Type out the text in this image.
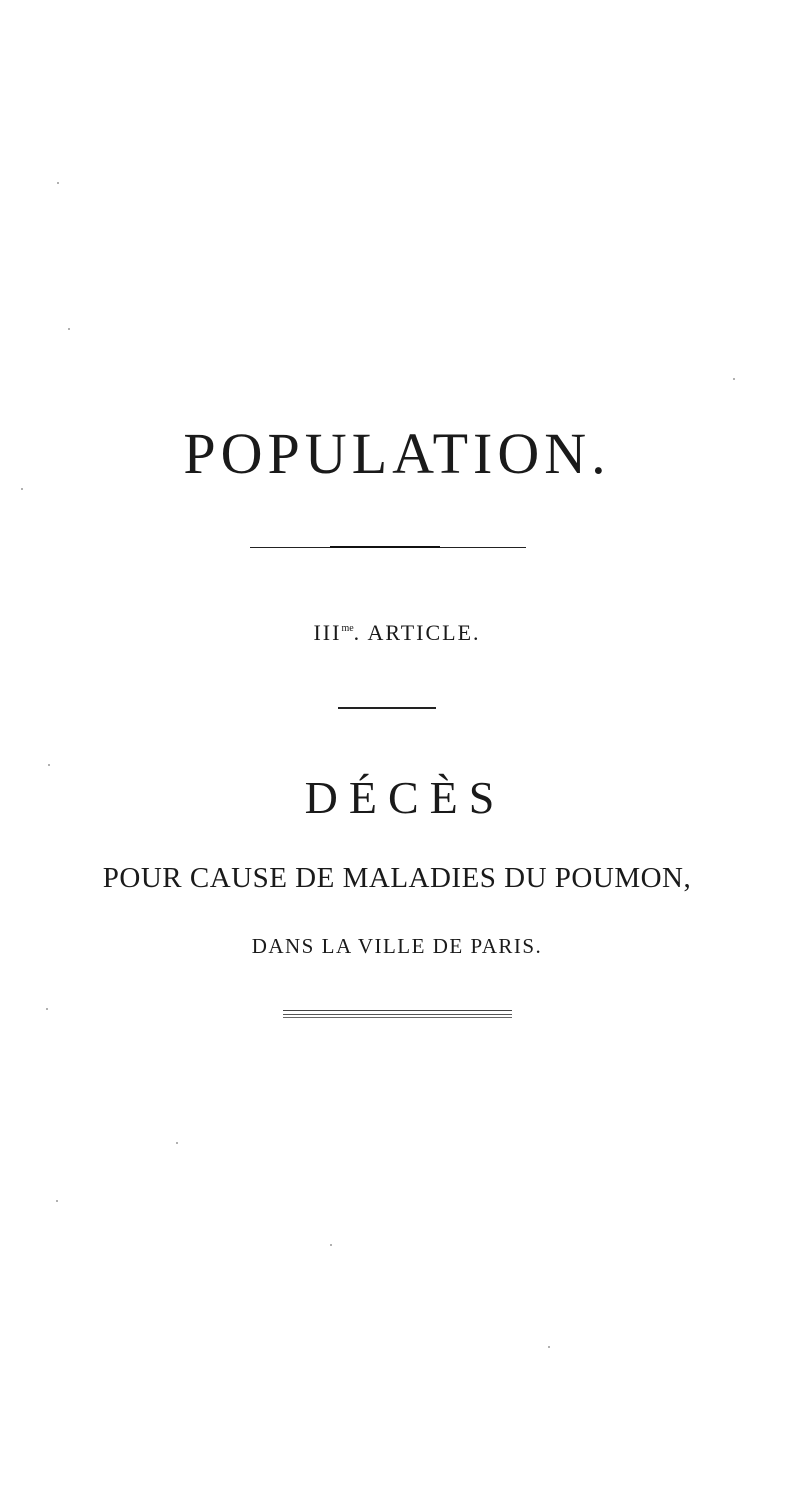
POPULATION.
$III^{me}$. ARTICLE.
DÉCÈS
POUR CAUSE DE MALADIES DU POUMON,
DANS LA VILLE DE PARIS.
